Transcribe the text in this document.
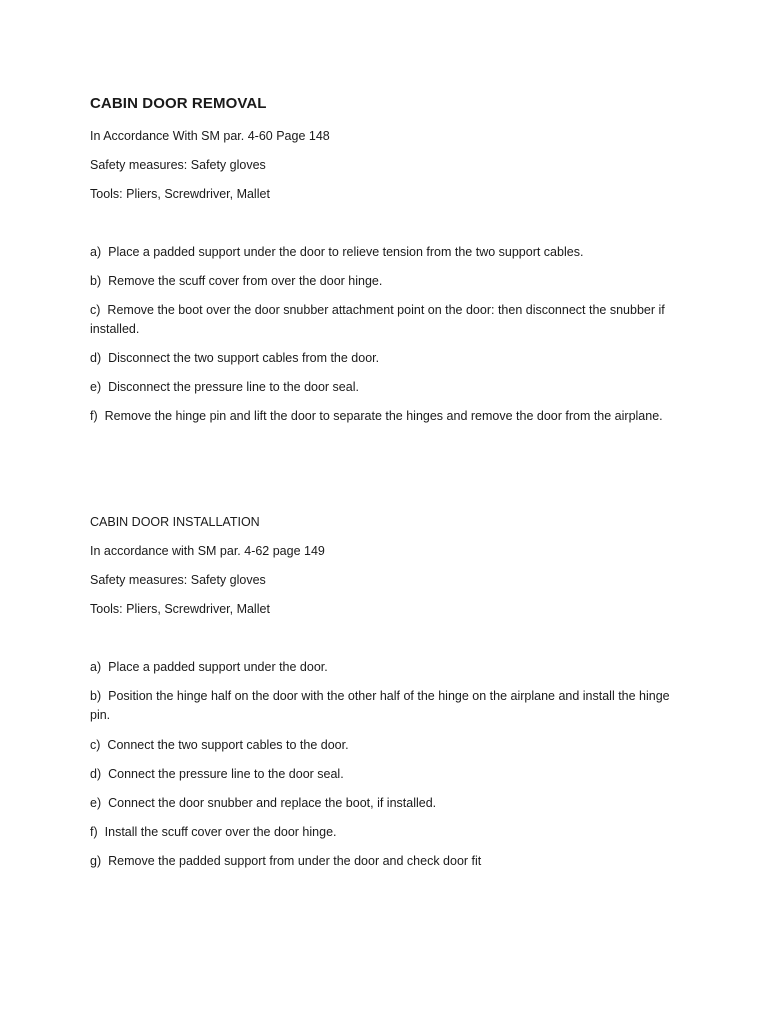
CABIN DOOR REMOVAL
In Accordance With SM par. 4-60 Page 148
Safety measures: Safety gloves
Tools: Pliers, Screwdriver, Mallet
a) Place a padded support under the door to relieve tension from the two support cables.
b) Remove the scuff cover from over the door hinge.
c) Remove the boot over the door snubber attachment point on the door: then disconnect the snubber if installed.
d) Disconnect the two support cables from the door.
e) Disconnect the pressure line to the door seal.
f) Remove the hinge pin and lift the door to separate the hinges and remove the door from the airplane.
CABIN DOOR INSTALLATION
In accordance with SM par. 4-62 page 149
Safety measures: Safety gloves
Tools: Pliers, Screwdriver, Mallet
a) Place a padded support under the door.
b) Position the hinge half on the door with the other half of the hinge on the airplane and install the hinge pin.
c) Connect the two support cables to the door.
d) Connect the pressure line to the door seal.
e) Connect the door snubber and replace the boot, if installed.
f) Install the scuff cover over the door hinge.
g) Remove the padded support from under the door and check door fit
